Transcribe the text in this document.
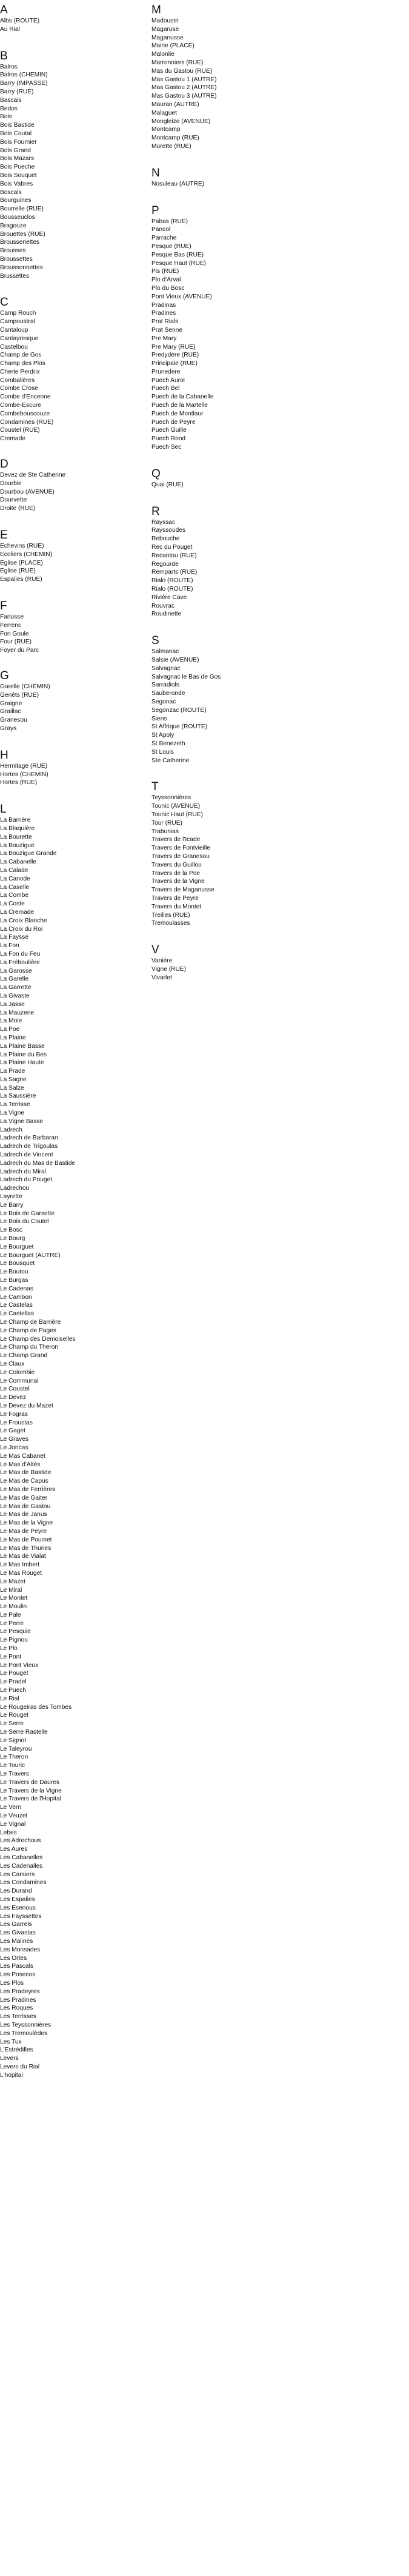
A
Albs (ROUTE)
Au Rial
B
Balros
Balros (CHEMIN)
Barry (IMPASSE)
Barry (RUE)
Bascals
Bedos
Bois
Bois Bastide
Bois Coutal
Bois Fournier
Bois Grand
Bois Mazars
Bois Pueche
Bois Souquet
Bois Vabres
Boscals
Bourguines
Bourrelle (RUE)
Bousseuclos
Bragouze
Brouettes (RUE)
Broussenettes
Brousses
Broussettes
Broussonnettes
Brussettes
C
Camp Rouch
Campoustral
Cantaloup
Cantayresque
Castelbou
Champ de Gos
Champ des Plos
Cherte Perdrix
Combalières
Combe Crose
Combe d'Encenne
Combe-Escure
Combebouscouze
Condamines (RUE)
Coustel (RUE)
Cremade
D
Devez de Ste Catherine
Dourbie
Dourbou (AVENUE)
Dourvette
Droite (RUE)
E
Echevins (RUE)
Ecoliers (CHEMIN)
Eglise (PLACE)
Eglise (RUE)
Espalies (RUE)
F
Farlusse
Ferrenc
Fon Goule
Four (RUE)
Foyer du Parc
G
Garelle (CHEMIN)
Genêts (RUE)
Graigne
Graillac
Granesou
Grays
H
Hermitage (RUE)
Hortes (CHEMIN)
Hortes (RUE)
L
La Barrière
La Blaquière
La Bourette
La Bouzigue
La Bouzigue Grande
La Cabanelle
La Calade
La Canode
La Caselle
La Combe
La Coste
La Cremade
La Croix Blanche
La Croix du Roi
La Faysse
La Fon
La Fon du Feu
La Fréboulière
La Garosse
La Garelle
La Garrette
La Givaste
La Jasse
La Mauzerie
La Mole
La Poe
La Plaine
La Plaine Basse
La Plaine du Bes
La Plaine Haute
La Prade
La Sagne
La Salze
La Saussière
La Terrisse
La Vigne
La Vigne Basse
Ladrech
Ladrech de Barbaran
Ladrech de Trigoulas
Ladrech de Vincent
Ladrech du Mas de Bastide
Ladrech du Miral
Ladrech du Pouget
Ladrechou
Layrette
Le Barry
Le Bois de Garsette
Le Bois du Coutel
Le Bosc
Le Bourg
Le Bourguet
Le Bourguet (AUTRE)
Le Bousquet
Le Boutou
Le Burgas
Le Cadenas
Le Cambon
Le Castelas
Le Castellas
Le Champ de Barrière
Le Champ de Pages
Le Champ des Demoiselles
Le Champ du Theron
Le Champ Grand
Le Claux
Le Colombie
Le Communal
Le Coustel
Le Devez
Le Devez du Mazet
Le Fogras
Le Froustas
Le Gaget
Le Graves
Le Joncas
Le Mas Cabanet
Le Mas d'Altès
Le Mas de Bastide
Le Mas de Capus
Le Mas de Ferrières
Le Mas de Gaiter
Le Mas de Gastou
Le Mas de Janus
Le Mas de la Vigne
Le Mas de Peyre
Le Mas de Poumet
Le Mas de Thuries
Le Mas de Vialat
Le Mas Imbert
Le Mas Rouget
Le Mazet
Le Miral
Le Montet
Le Moulin
Le Pale
Le Perre
Le Pesquie
Le Pignou
Le Plo
Le Pont
Le Pont Vieux
Le Pouget
Le Pradel
Le Puech
Le Rial
Le Rougeiras des Tombes
Le Rouget
Le Serre
Le Serre Rastelle
Le Signot
Le Taleyrou
Le Theron
Le Touric
Le Travers
Le Travers de Daures
Le Travers de la Vigne
Le Travers de l'Hopital
Le Vern
Le Veuzet
Le Vignal
Lebes
Les Adrechous
Les Aures
Les Cabanelles
Les Cadenalles
Les Carsiers
Les Condamines
Les Durand
Les Espalies
Les Esenous
Les Fayssettes
Les Garrels
Les Givastas
Les Malines
Les Monsades
Les Ortes
Les Pascals
Les Posecos
Les Plos
Les Pradeyres
Les Pradines
Les Roques
Les Terrisses
Les Teyssonnières
Les Tremoulèdes
Les Tux
L'Estrédilles
Levers
Levers du Rial
L'hopital
M
Madoustri
Magaruse
Maganusse
Mairie (PLACE)
Malonlie
Marronniers (RUE)
Mas du Gastou (RUE)
Mas Gastou 1 (AUTRE)
Mas Gastou 2 (AUTRE)
Mas Gastou 3 (AUTRE)
Mauran (AUTRE)
Malaguet
Mongleize (AVENUE)
Montcamp
Montcamp (RUE)
Murette (RUE)
N
Nosuleau (AUTRE)
P
Pabas (RUE)
Pancol
Parrache
Pesque (RUE)
Pesque Bas (RUE)
Pesque Haut (RUE)
Pis (RUE)
Plo d'Arval
Plo du Bosc
Pont Vieux (AVENUE)
Pradinas
Pradines
Prat Rials
Prat Senne
Pre Mary
Pre Mary (RUE)
Predydère (RUE)
Principale (RUE)
Prunedere
Puech Aurol
Puech Bel
Puech de la Cabanelle
Puech de la Martelle
Puech de Montlaur
Puech de Peyre
Puech Guille
Puech Rond
Puech Sec
Q
Quai (RUE)
R
Rayssac
Rayssoudes
Rebouche
Rec du Pouget
Recantou (RUE)
Regourde
Remparts (RUE)
Rialo (ROUTE)
Rialo (ROUTE)
Rivière Cave
Rouvrac
Roudinette
S
Salmanac
Salsie (AVENUE)
Salvagnac
Salvagnac le Bas de Gos
Sarradiols
Sauberonde
Segonac
Segonzac (ROUTE)
Siens
St Affrique (ROUTE)
St Apoly
St Benezeth
St Louis
Ste Catherine
T
Teyssonnières
Tounic (AVENUE)
Tounic Haut (RUE)
Tour (RUE)
Trabunias
Travers de l'Icade
Travers de Fontvieille
Travers de Granesou
Travers du Guillou
Travers de la Poe
Travers de la Vigne
Travers de Maganusse
Travers de Peyre
Travers du Montet
Treilles (RUE)
Tremoulasses
V
Vanière
Vigne (RUE)
Vivarlet
